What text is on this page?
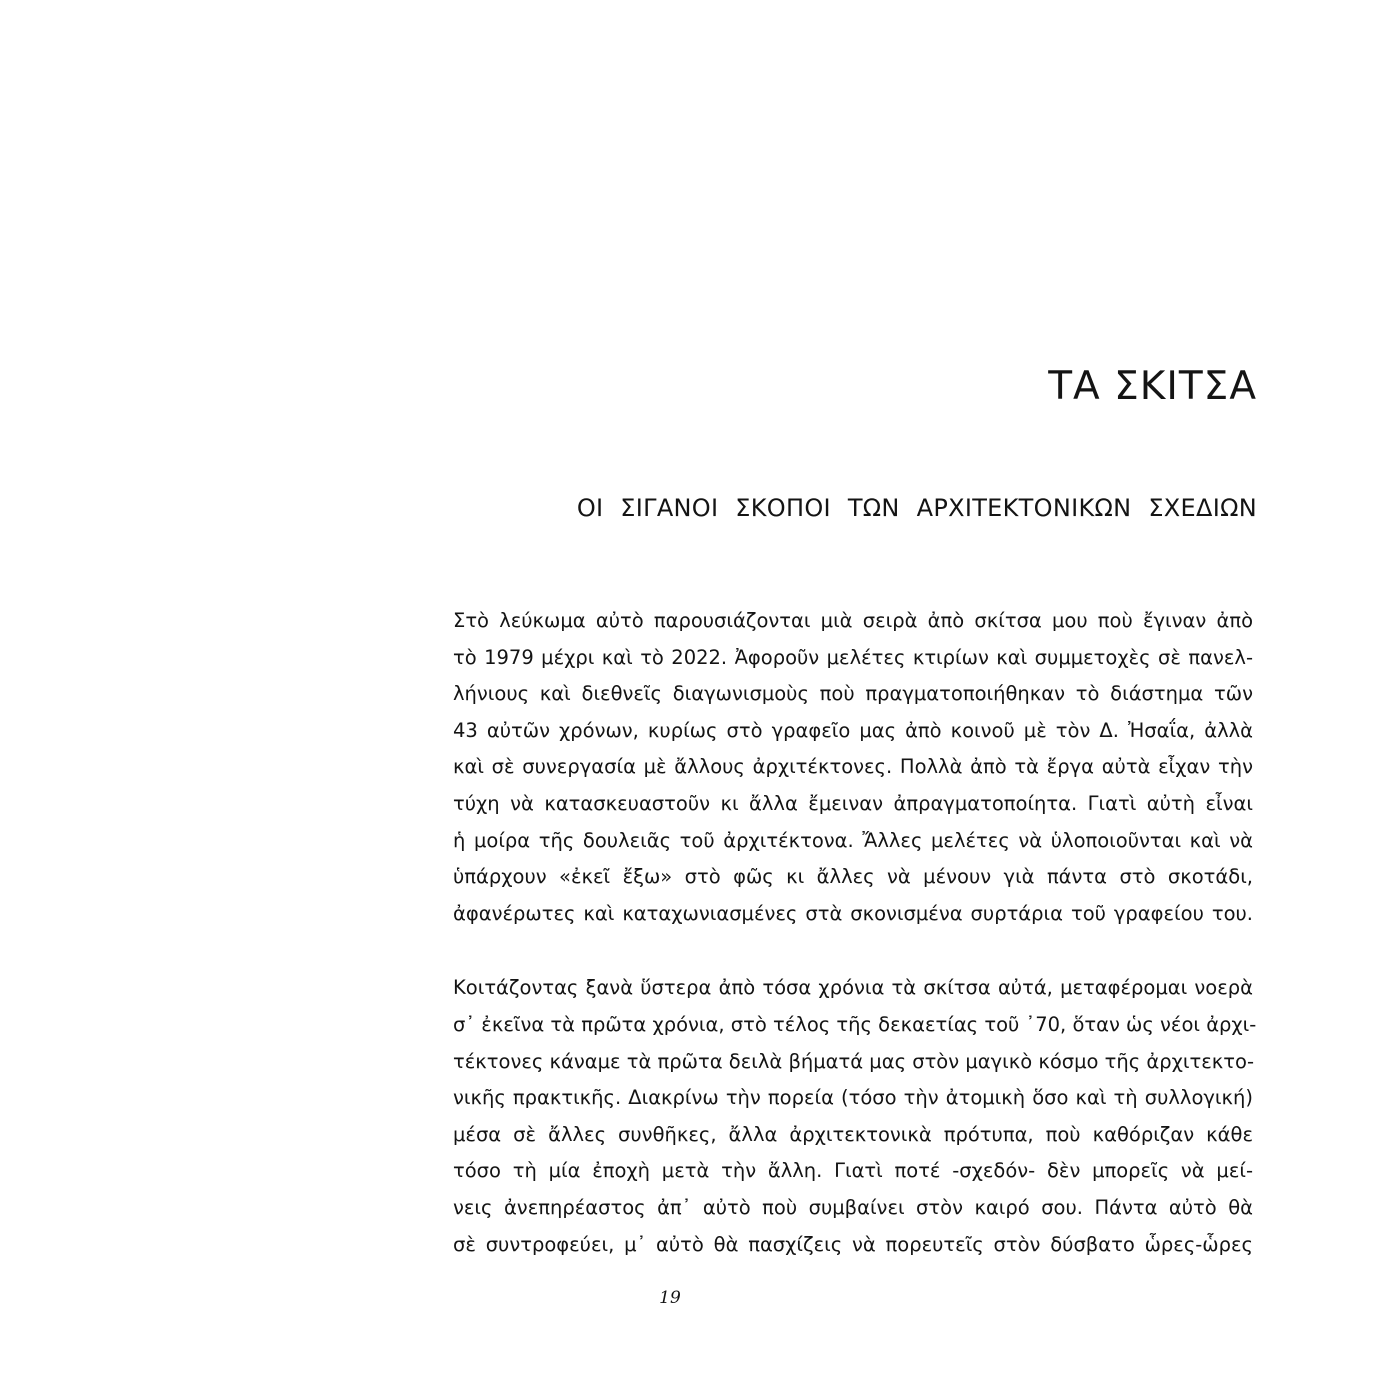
ΤΑ ΣΚΙΤΣΑ
ΟΙ ΣΙΓΑΝΟΙ ΣΚΟΠΟΙ ΤΩΝ ΑΡΧΙΤΕΚΤΟΝΙΚΩΝ ΣΧΕΔΙΩΝ
Στὸ λεύκωμα αὐτὸ παρουσιάζονται μιὰ σειρὰ ἀπὸ σκίτσα μου ποὺ ἔγιναν ἀπὸ
τὸ 1979 μέχρι καὶ τὸ 2022. Ἀφοροῦν μελέτες κτιρίων καὶ συμμετοχὲς σὲ πανελ-
λήνιους καὶ διεθνεῖς διαγωνισμοὺς ποὺ πραγματοποιήθηκαν τὸ διάστημα τῶν
43 αὐτῶν χρόνων, κυρίως στὸ γραφεῖο μας ἀπὸ κοινοῦ μὲ τὸν Δ. Ἠσαΐα, ἀλλὰ
καὶ σὲ συνεργασία μὲ ἄλλους ἀρχιτέκτονες. Πολλὰ ἀπὸ τὰ ἔργα αὐτὰ εἶχαν τὴν
τύχη νὰ κατασκευαστοῦν κι ἄλλα ἔμειναν ἀπραγματοποίητα. Γιατὶ αὐτὴ εἶναι
ἡ μοίρα τῆς δουλειᾶς τοῦ ἀρχιτέκτονα. Ἄλλες μελέτες νὰ ὑλοποιοῦνται καὶ νὰ
ὑπάρχουν «ἐκεῖ ἔξω» στὸ φῶς κι ἄλλες νὰ μένουν γιὰ πάντα στὸ σκοτάδι,
ἀφανέρωτες καὶ καταχωνιασμένες στὰ σκονισμένα συρτάρια τοῦ γραφείου του.
Κοιτάζοντας ξανὰ ὕστερα ἀπὸ τόσα χρόνια τὰ σκίτσα αὐτά, μεταφέρομαι νοερὰ
σ᾽ ἐκεῖνα τὰ πρῶτα χρόνια, στὸ τέλος τῆς δεκαετίας τοῦ ᾽70, ὅταν ὡς νέοι ἀρχι-
τέκτονες κάναμε τὰ πρῶτα δειλὰ βήματά μας στὸν μαγικὸ κόσμο τῆς ἀρχιτεκτο-
νικῆς πρακτικῆς. Διακρίνω τὴν πορεία (τόσο τὴν ἀτομικὴ ὅσο καὶ τὴ συλλογική)
μέσα σὲ ἄλλες συνθῆκες, ἄλλα ἀρχιτεκτονικὰ πρότυπα, ποὺ καθόριζαν κάθε
τόσο τὴ μία ἐποχὴ μετὰ τὴν ἄλλη. Γιατὶ ποτέ -σχεδόν- δὲν μπορεῖς νὰ μεί-
νεις ἀνεπηρέαστος ἀπ᾽ αὐτὸ ποὺ συμβαίνει στὸν καιρό σου. Πάντα αὐτὸ θὰ
σὲ συντροφεύει, μ᾽ αὐτὸ θὰ πασχίζεις νὰ πορευτεῖς στὸν δύσβατο ὧρες-ὧρες
19
